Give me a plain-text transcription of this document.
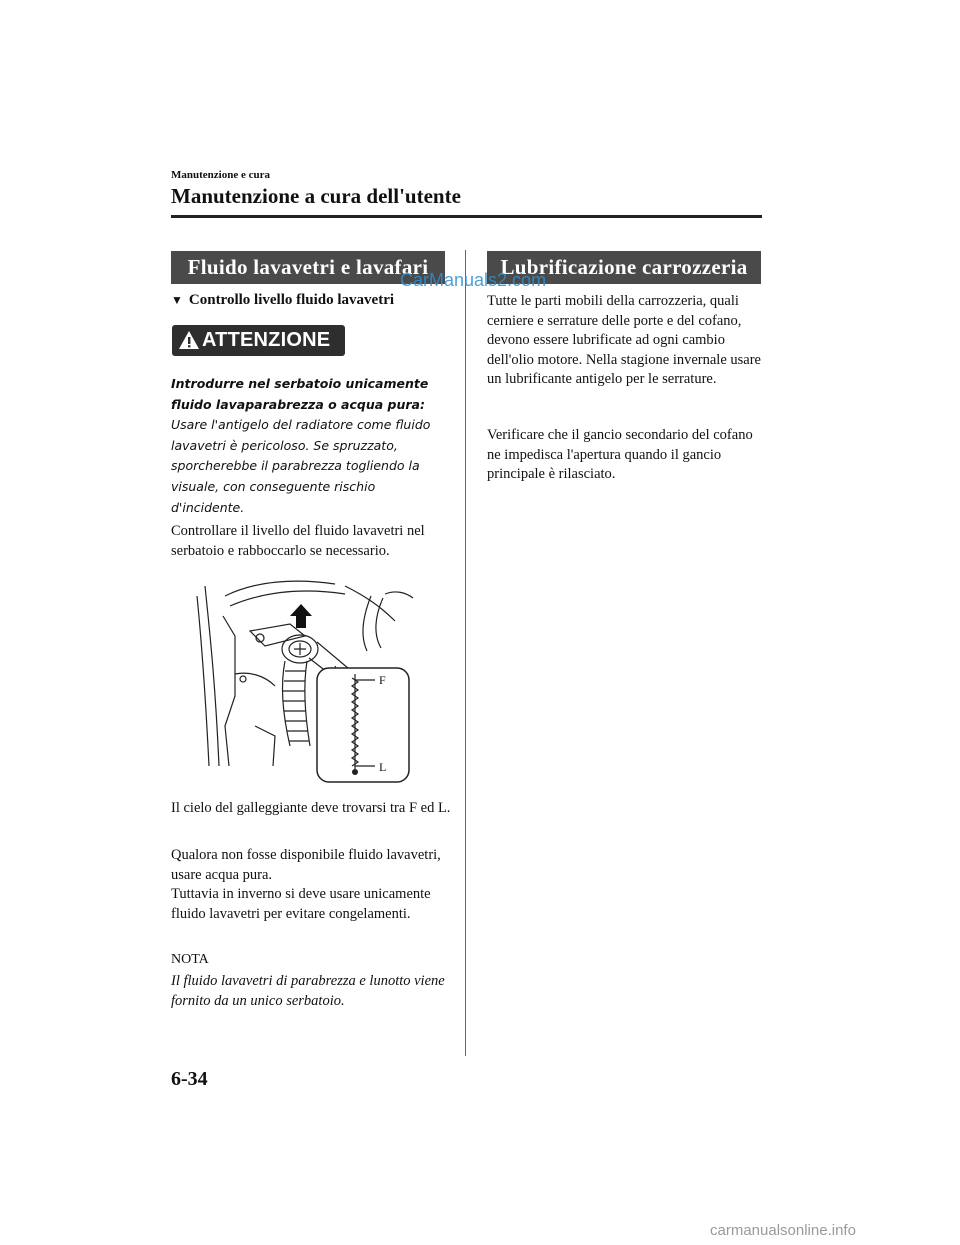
Manutenzione e cura
Manutenzione a cura dell'utente
Fluido lavavetri e lavafari
▼ Controllo livello fluido lavavetri
ATTENZIONE
Introdurre nel serbatoio unicamente fluido lavaparabrezza o acqua pura:
Usare l'antigelo del radiatore come fluido lavavetri è pericoloso. Se spruzzato, sporcherebbe il parabrezza togliendo la visuale, con conseguente rischio d'incidente.

Controllare il livello del fluido lavavetri nel serbatoio e rabboccarlo se necessario.

F
L

Il cielo del galleggiante deve trovarsi tra F ed L.

Qualora non fosse disponibile fluido lavavetri, usare acqua pura.

Tuttavia in inverno si deve usare unicamente fluido lavavetri per evitare congelamenti.

NOTA
Il fluido lavavetri di parabrezza e lunotto viene fornito da un unico serbatoio.
Lubrificazione carrozzeria
Tutte le parti mobili della carrozzeria, quali cerniere e serrature delle porte e del cofano, devono essere lubrificate ad ogni cambio dell'olio motore. Nella stagione invernale usare un lubrificante antigelo per le serrature.
Verificare che il gancio secondario del cofano ne impedisca l'apertura quando il gancio principale è rilasciato.
6-34
CarManuals2.com
carmanualsonline.info
